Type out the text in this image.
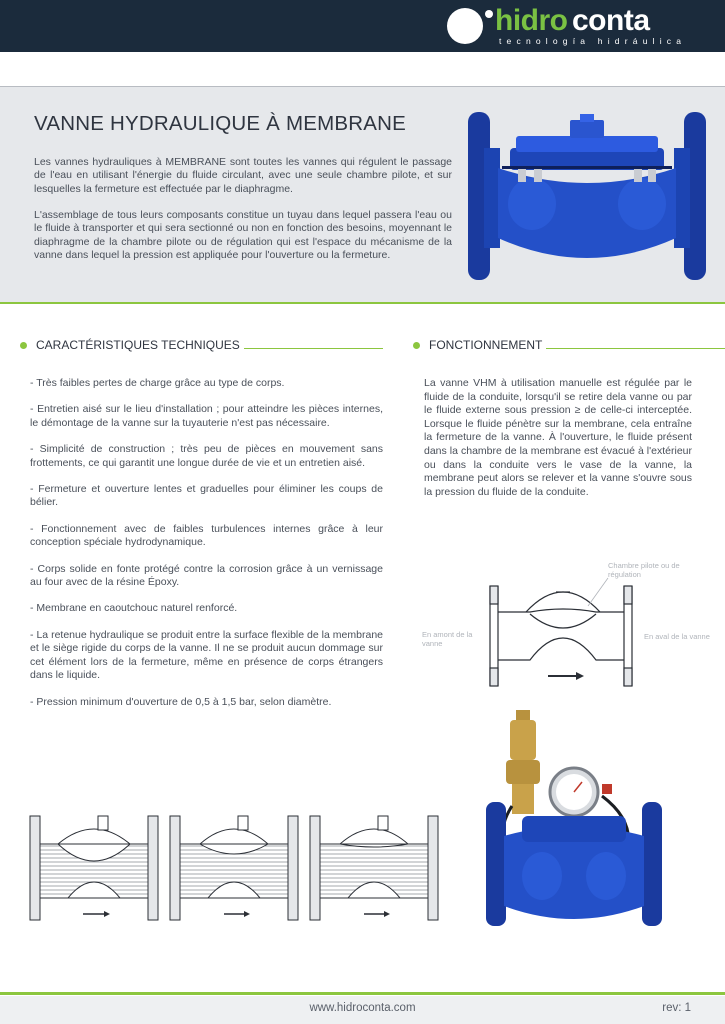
hidro conta
tecnología hidráulica
VANNE HYDRAULIQUE À MEMBRANE

Les vannes hydrauliques à MEMBRANE sont toutes les vannes qui régulent le passage de l'eau en utilisant l'énergie du fluide circulant, avec une seule chambre pilote, et sur lesquelles la fermeture est effectuée par le diaphragme.

L'assemblage de tous leurs composants constitue un tuyau dans lequel passera l'eau ou le fluide à transporter et qui sera sectionné ou non en fonction des besoins, moyennant le diaphragme de la chambre pilote ou de régulation qui est l'espace du mécanisme de la vanne dans lequel la pression est appliquée pour l'ouverture ou la fermeture.

CARACTÉRISTIQUES TECHNIQUES	FONCTIONNEMENT

- Très faibles pertes de charge grâce au type de corps.

- Entretien aisé sur le lieu d'installation ; pour atteindre les pièces internes, le démontage de la vanne sur la tuyauterie n'est pas nécessaire.

- Simplicité de construction ; très peu de pièces en mouvement sans frottements, ce qui garantit une longue durée de vie et un entretien aisé.

- Fermeture et ouverture lentes et graduelles pour éliminer les coups de bélier.

- Fonctionnement avec de faibles turbulences internes grâce à leur conception spéciale hydrodynamique.

- Corps solide en fonte protégé contre la corrosion grâce à un vernissage au four avec de la résine Époxy.

- Membrane en caoutchouc naturel renforcé.

- La retenue hydraulique se produit entre la surface flexible de la membrane et le siège rigide du corps de la vanne. Il ne se produit aucun dommage sur cet élément lors de la fermeture, même en présence de corps étrangers dans le liquide.

- Pression minimum d'ouverture de 0,5 à 1,5 bar, selon diamètre.

La vanne VHM à utilisation manuelle est régulée par le fluide de la conduite, lorsqu'il se retire dela vanne ou par le fluide externe sous pression ≥ de celle-ci interceptée. Lorsque le fluide pénètre sur la membrane, cela entraîne la fermeture de la vanne. À l'ouverture, le fluide présent dans la chambre de la membrane est évacué à l'extérieur ou dans la conduite vers le vase de la vanne, la membrane peut alors se relever et la vanne s'ouvre sous la pression du fluide de la conduite.

Chambre pilote ou de régulation
En amont de la vanne
En aval de la vanne
www.hidroconta.com	rev: 1
